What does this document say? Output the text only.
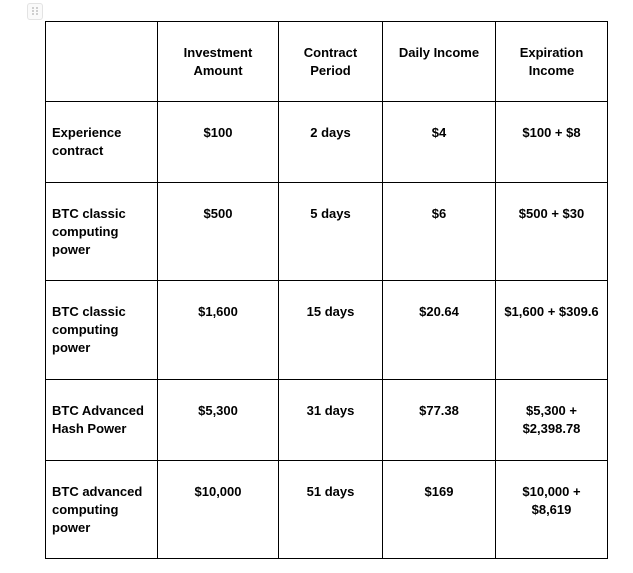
	Investment Amount	Contract Period	Daily Income	Expiration Income
Experience contract	$100	2 days	$4	$100 + $8
BTC classic computing power	$500	5 days	$6	$500 + $30
BTC classic computing power	$1,600	15 days	$20.64	$1,600 + $309.6
BTC Advanced Hash Power	$5,300	31 days	$77.38	$5,300 + $2,398.78
BTC advanced computing power	$10,000	51 days	$169	$10,000 + $8,619
